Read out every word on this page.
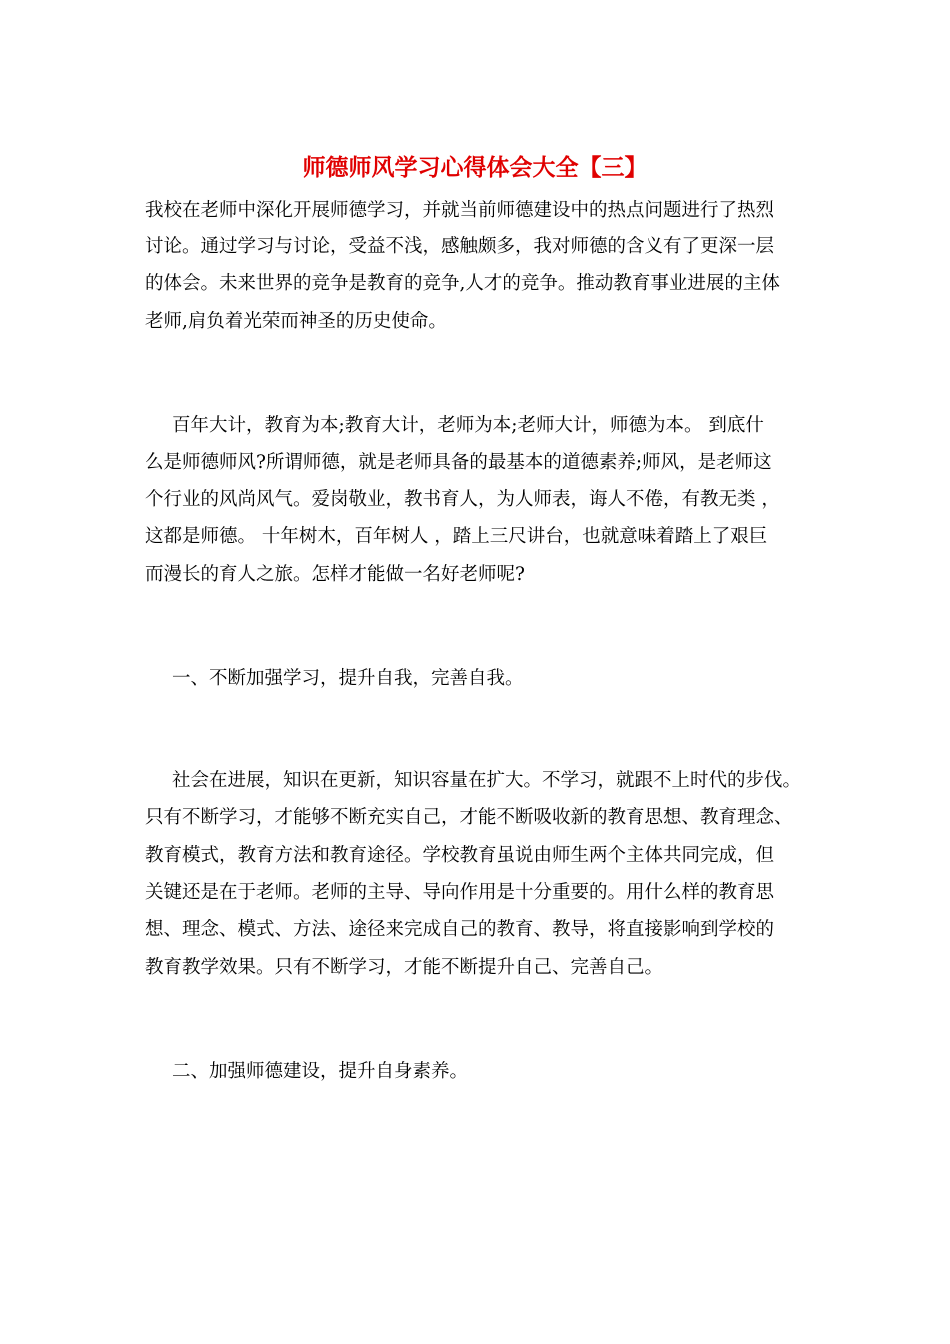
师德师风学习心得体会大全【三】
我校在老师中深化开展师德学习，并就当前师德建设中的热点问题进行了热烈
讨论。通过学习与讨论，受益不浅，感触颇多，我对师德的含义有了更深一层
的体会。未来世界的竞争是教育的竞争,人才的竞争。推动教育事业进展的主体
老师,肩负着光荣而神圣的历史使命。
百年大计，教育为本;教育大计，老师为本;老师大计，师德为本。 到底什
么是师德师风?所谓师德，就是老师具备的最基本的道德素养;师风，是老师这
个行业的风尚风气。爱岗敬业，教书育人，为人师表，诲人不倦，有教无类 ，
这都是师德。 十年树木，百年树人 ，踏上三尺讲台，也就意味着踏上了艰巨
而漫长的育人之旅。怎样才能做一名好老师呢?
一、不断加强学习，提升自我，完善自我。
社会在进展，知识在更新，知识容量在扩大。不学习，就跟不上时代的步伐。
只有不断学习，才能够不断充实自己，才能不断吸收新的教育思想、教育理念、
教育模式，教育方法和教育途径。学校教育虽说由师生两个主体共同完成，但
关键还是在于老师。老师的主导、导向作用是十分重要的。用什么样的教育思
想、理念、模式、方法、途径来完成自己的教育、教导，将直接影响到学校的
教育教学效果。只有不断学习，才能不断提升自己、完善自己。
二、加强师德建设，提升自身素养。
